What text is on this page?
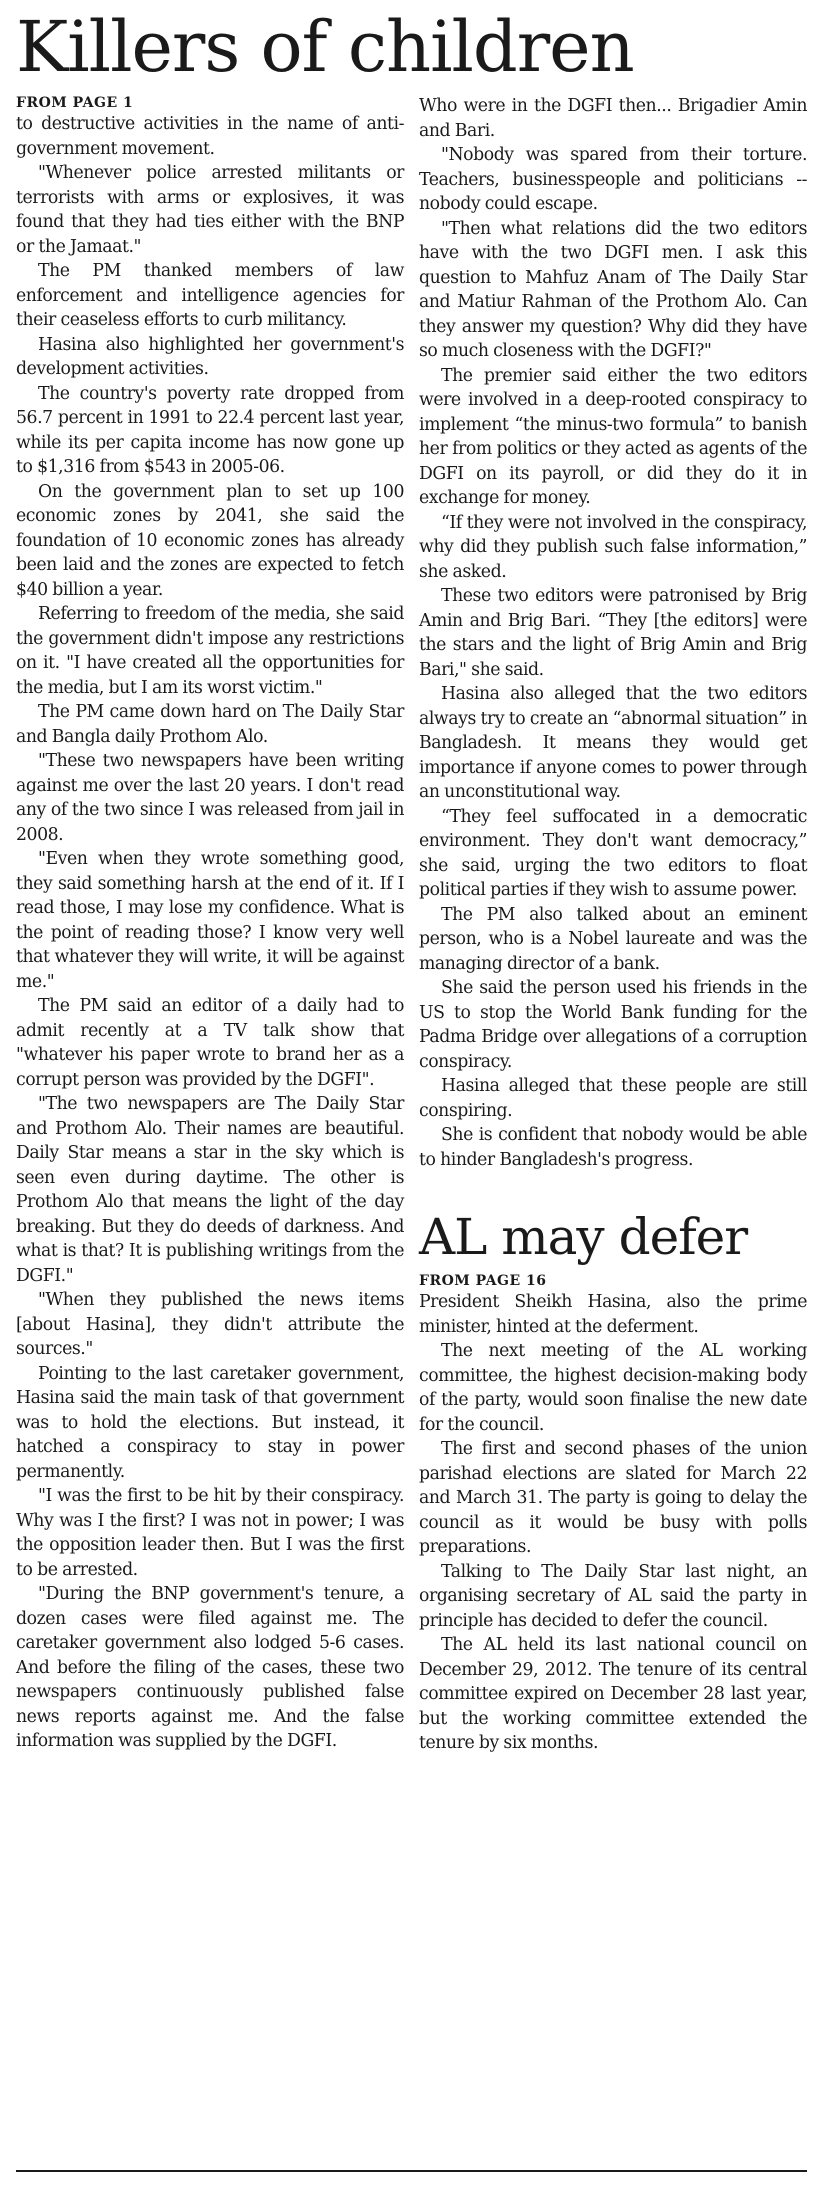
Killers of children
FROM PAGE 1

to destructive activities in the name of anti-government movement.

"Whenever police arrested militants or terrorists with arms or explosives, it was found that they had ties either with the BNP or the Jamaat."

The PM thanked members of law enforcement and intelligence agencies for their ceaseless efforts to curb militancy.

Hasina also highlighted her government's development activities.

The country's poverty rate dropped from 56.7 percent in 1991 to 22.4 percent last year, while its per capita income has now gone up to $1,316 from $543 in 2005-06.

On the government plan to set up 100 economic zones by 2041, she said the foundation of 10 economic zones has already been laid and the zones are expected to fetch $40 billion a year.

Referring to freedom of the media, she said the government didn't impose any restrictions on it. "I have created all the opportunities for the media, but I am its worst victim."

The PM came down hard on The Daily Star and Bangla daily Prothom Alo.

"These two newspapers have been writing against me over the last 20 years. I don't read any of the two since I was released from jail in 2008.

"Even when they wrote something good, they said something harsh at the end of it. If I read those, I may lose my confidence. What is the point of reading those? I know very well that whatever they will write, it will be against me."

The PM said an editor of a daily had to admit recently at a TV talk show that "whatever his paper wrote to brand her as a corrupt person was provided by the DGFI".

"The two newspapers are The Daily Star and Prothom Alo. Their names are beautiful. Daily Star means a star in the sky which is seen even during daytime. The other is Prothom Alo that means the light of the day breaking. But they do deeds of darkness. And what is that? It is publishing writings from the DGFI."

"When they published the news items [about Hasina], they didn't attribute the sources."

Pointing to the last caretaker government, Hasina said the main task of that government was to hold the elections. But instead, it hatched a conspiracy to stay in power permanently.

"I was the first to be hit by their conspiracy. Why was I the first? I was not in power; I was the opposition leader then. But I was the first to be arrested.

"During the BNP government's tenure, a dozen cases were filed against me. The caretaker government also lodged 5-6 cases. And before the filing of the cases, these two newspapers continuously published false news reports against me. And the false information was supplied by the DGFI.

Who were in the DGFI then... Brigadier Amin and Bari.

"Nobody was spared from their torture. Teachers, businesspeople and politicians -- nobody could escape.

"Then what relations did the two editors have with the two DGFI men. I ask this question to Mahfuz Anam of The Daily Star and Matiur Rahman of the Prothom Alo. Can they answer my question? Why did they have so much closeness with the DGFI?"

The premier said either the two editors were involved in a deep-rooted conspiracy to implement “the minus-two formula” to banish her from politics or they acted as agents of the DGFI on its payroll, or did they do it in exchange for money.

“If they were not involved in the conspiracy, why did they publish such false information,” she asked.

These two editors were patronised by Brig Amin and Brig Bari. “They [the editors] were the stars and the light of Brig Amin and Brig Bari," she said.

Hasina also alleged that the two editors always try to create an “abnormal situation” in Bangladesh. It means they would get importance if anyone comes to power through an unconstitutional way.

“They feel suffocated in a democratic environment. They don't want democracy,” she said, urging the two editors to float political parties if they wish to assume power.

The PM also talked about an eminent person, who is a Nobel laureate and was the managing director of a bank.

She said the person used his friends in the US to stop the World Bank funding for the Padma Bridge over allegations of a corruption conspiracy.

Hasina alleged that these people are still conspiring.

She is confident that nobody would be able to hinder Bangladesh's progress.

AL may defer
FROM PAGE 16

President Sheikh Hasina, also the prime minister, hinted at the deferment.

The next meeting of the AL working committee, the highest decision-making body of the party, would soon finalise the new date for the council.

The first and second phases of the union parishad elections are slated for March 22 and March 31. The party is going to delay the council as it would be busy with polls preparations.

Talking to The Daily Star last night, an organising secretary of AL said the party in principle has decided to defer the council.

The AL held its last national council on December 29, 2012. The tenure of its central committee expired on December 28 last year, but the working committee extended the tenure by six months.
